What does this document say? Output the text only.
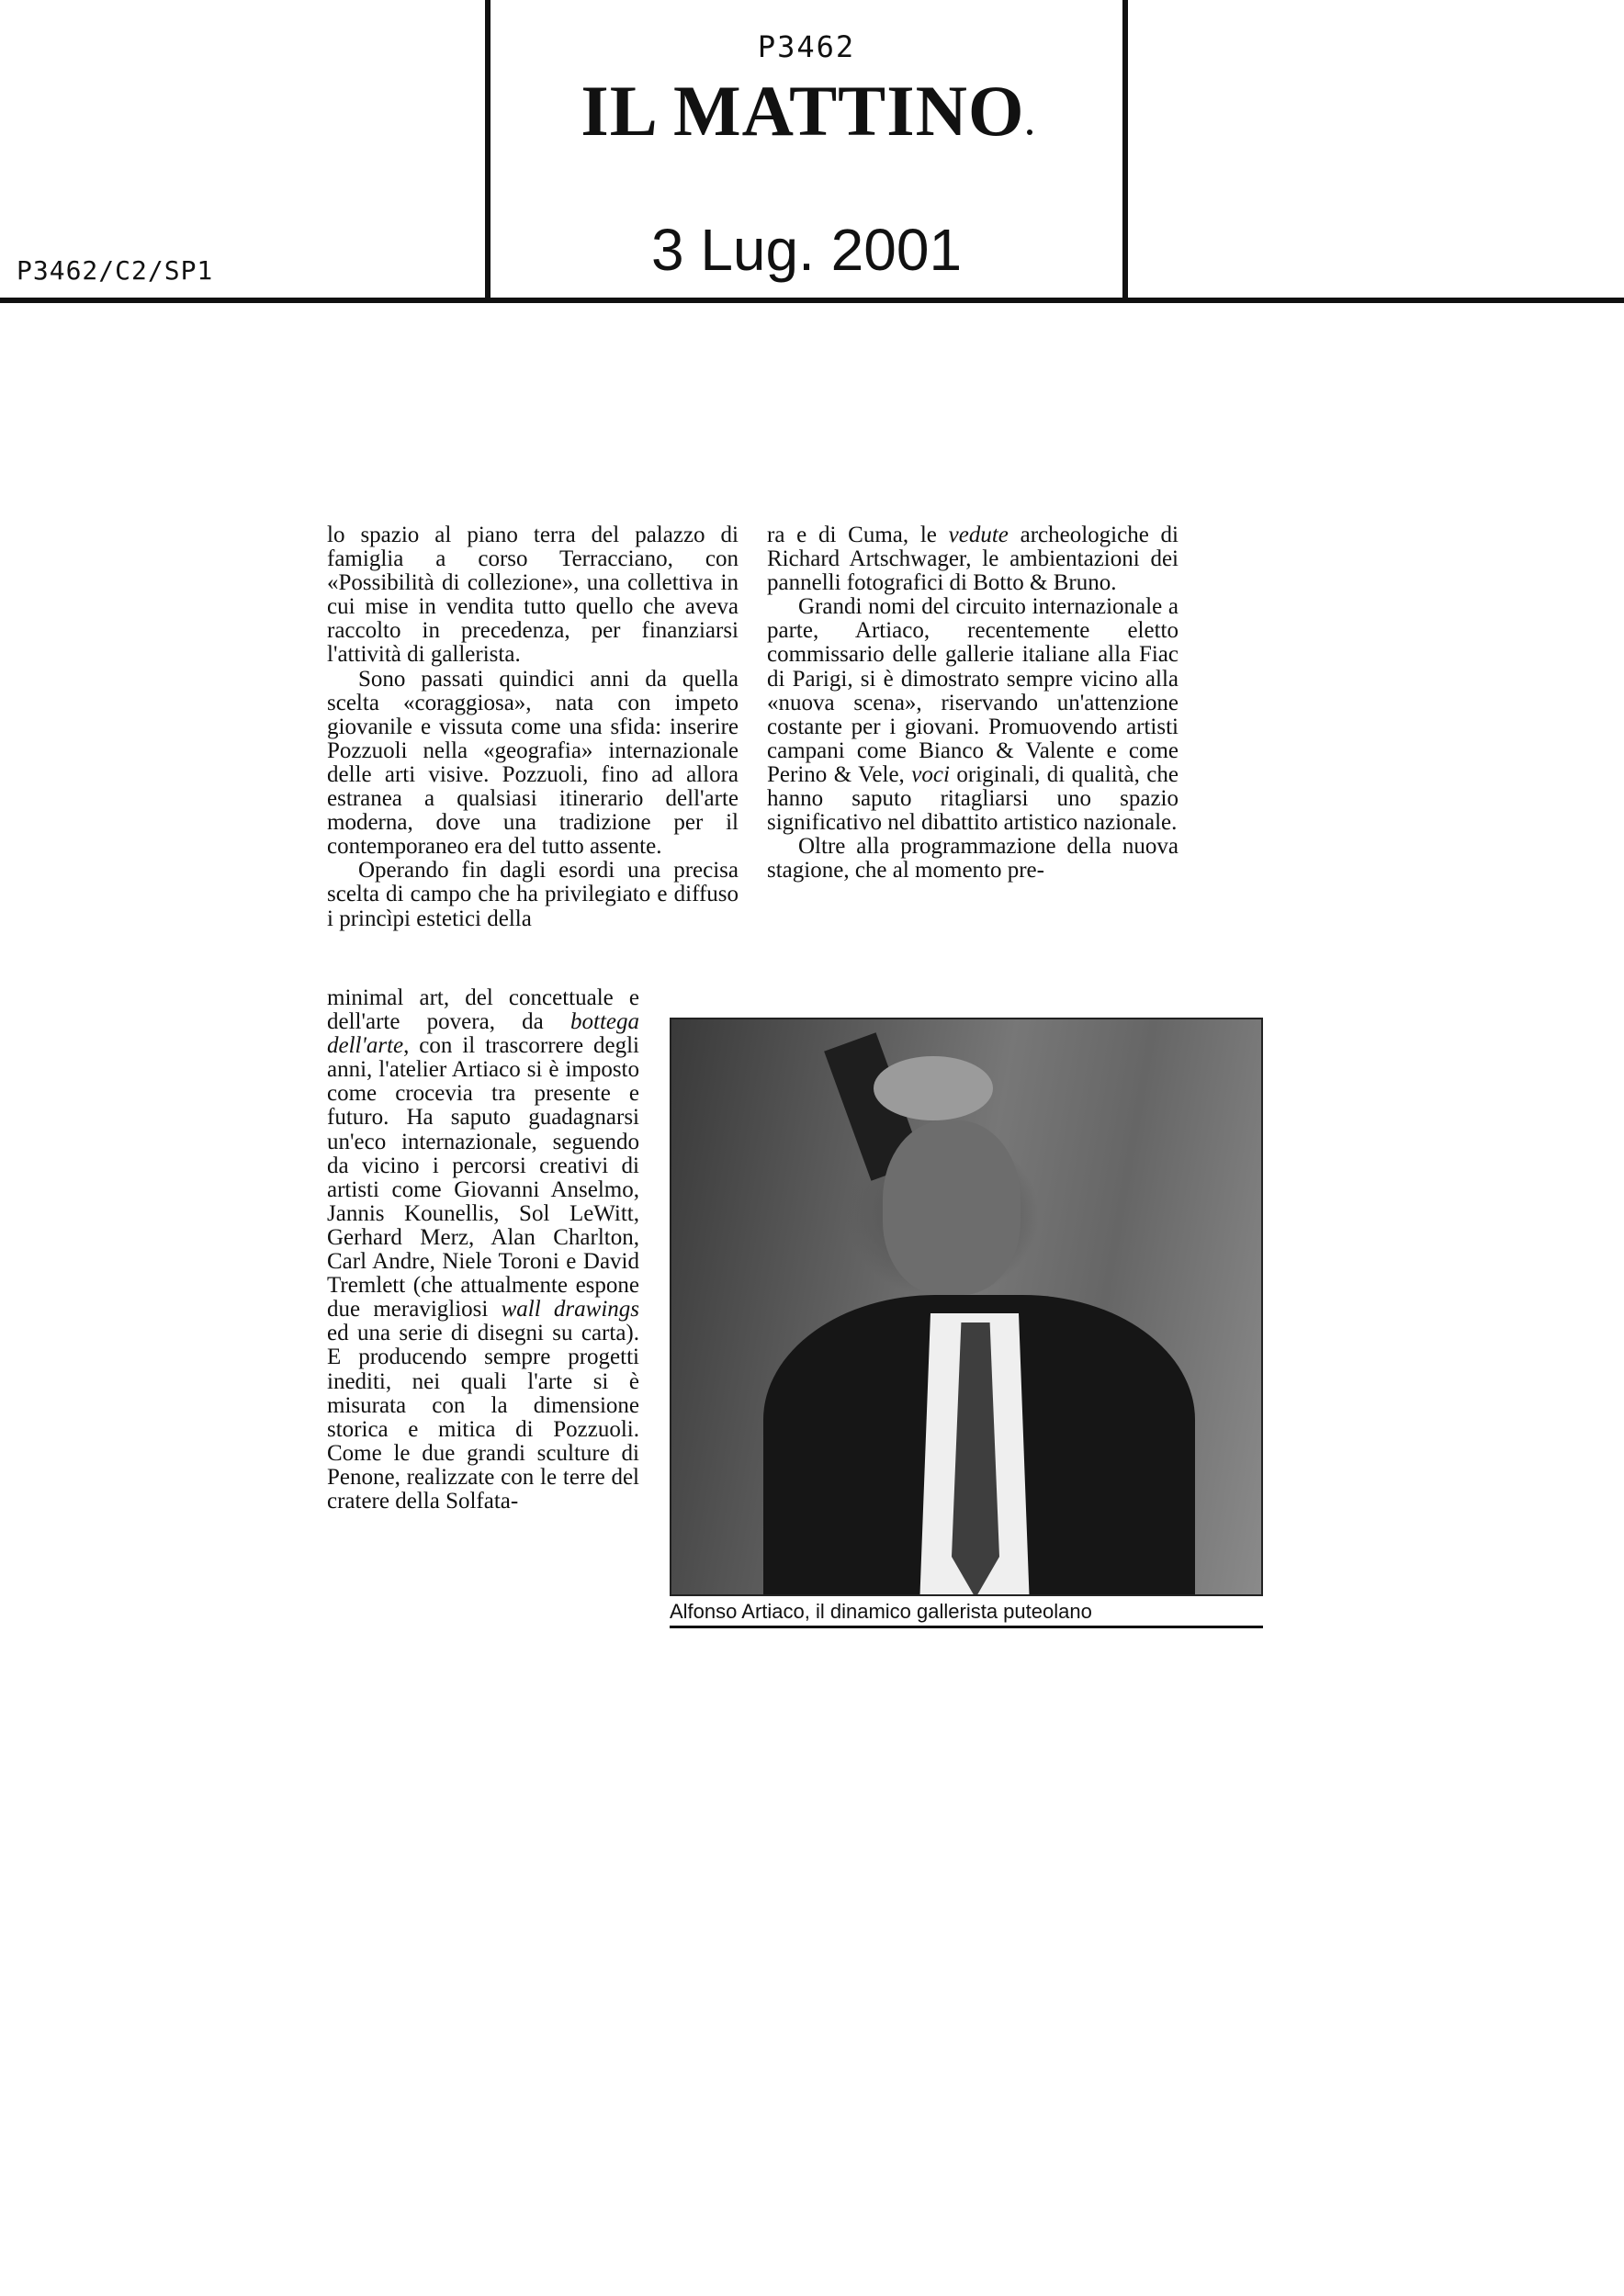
P3462
IL MATTINO
3 Lug. 2001
P3462/C2/SP1

lo spazio al piano terra del palazzo di famiglia a corso Terracciano, con «Possibilità di collezione», una collettiva in cui mise in vendita tutto quello che aveva raccolto in precedenza, per finanziarsi l'attività di gallerista.

Sono passati quindici anni da quella scelta «coraggiosa», nata con impeto giovanile e vissuta come una sfida: inserire Pozzuoli nella «geografia» internazionale delle arti visive. Pozzuoli, fino ad allora estranea a qualsiasi itinerario dell'arte moderna, dove una tradizione per il contemporaneo era del tutto assente.

Operando fin dagli esordi una precisa scelta di campo che ha privilegiato e diffuso i princìpi estetici della

minimal art, del concettuale e dell'arte povera, da bottega dell'arte, con il trascorrere degli anni, l'atelier Artiaco si è imposto come crocevia tra presente e futuro. Ha saputo guadagnarsi un'eco internazionale, seguendo da vicino i percorsi creativi di artisti come Giovanni Anselmo, Jannis Kounellis, Sol LeWitt, Gerhard Merz, Alan Charlton, Carl Andre, Niele Toroni e David Tremlett (che attualmente espone due meravigliosi wall drawings ed una serie di disegni su carta). E producendo sempre progetti inediti, nei quali l'arte si è misurata con la dimensione storica e mitica di Pozzuoli. Come le due grandi sculture di Penone, realizzate con le terre del cratere della Solfata-

ra e di Cuma, le vedute archeologiche di Richard Artschwager, le ambientazioni dei pannelli fotografici di Botto & Bruno.

Grandi nomi del circuito internazionale a parte, Artiaco, recentemente eletto commissario delle gallerie italiane alla Fiac di Parigi, si è dimostrato sempre vicino alla «nuova scena», riservando un'attenzione costante per i giovani. Promuovendo artisti campani come Bianco & Valente e come Perino & Vele, voci originali, di qualità, che hanno saputo ritagliarsi uno spazio significativo nel dibattito artistico nazionale.

Oltre alla programmazione della nuova stagione, che al momento pre-

Alfonso Artiaco, il dinamico gallerista puteolano
